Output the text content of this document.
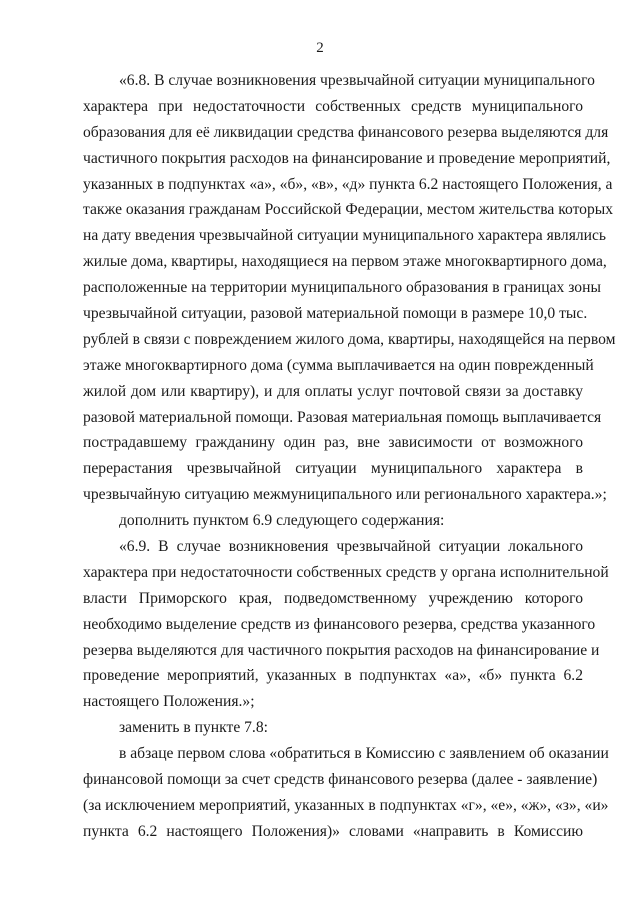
2
«6.8. В случае возникновения чрезвычайной ситуации муниципального
характера при недостаточности собственных средств муниципального
образования для её ликвидации средства финансового резерва выделяются для
частичного покрытия расходов на финансирование и проведение мероприятий,
указанных в подпунктах «а», «б», «в», «д» пункта 6.2 настоящего Положения, а
также оказания гражданам Российской Федерации, местом жительства которых
на дату введения чрезвычайной ситуации муниципального характера являлись
жилые дома, квартиры, находящиеся на первом этаже многоквартирного дома,
расположенные на территории муниципального образования в границах зоны
чрезвычайной ситуации, разовой материальной помощи в размере 10,0 тыс.
рублей в связи с повреждением жилого дома, квартиры, находящейся на первом
этаже многоквартирного дома (сумма выплачивается на один поврежденный
жилой дом или квартиру), и для оплаты услуг почтовой связи за доставку
разовой материальной помощи. Разовая материальная помощь выплачивается
пострадавшему гражданину один раз, вне зависимости от возможного
перерастания чрезвычайной ситуации муниципального характера в
чрезвычайную ситуацию межмуниципального или регионального характера.»;
дополнить пунктом 6.9 следующего содержания:
«6.9. В случае возникновения чрезвычайной ситуации локального
характера при недостаточности собственных средств у органа исполнительной
власти Приморского края, подведомственному учреждению которого
необходимо выделение средств из финансового резерва, средства указанного
резерва выделяются для частичного покрытия расходов на финансирование и
проведение мероприятий, указанных в подпунктах «а», «б» пункта 6.2
настоящего Положения.»;
заменить в пункте 7.8:
в абзаце первом слова «обратиться в Комиссию с заявлением об оказании
финансовой помощи за счет средств финансового резерва (далее - заявление)
(за исключением мероприятий, указанных в подпунктах «г», «е», «ж», «з», «и»
пункта 6.2 настоящего Положения)» словами «направить в Комиссию
